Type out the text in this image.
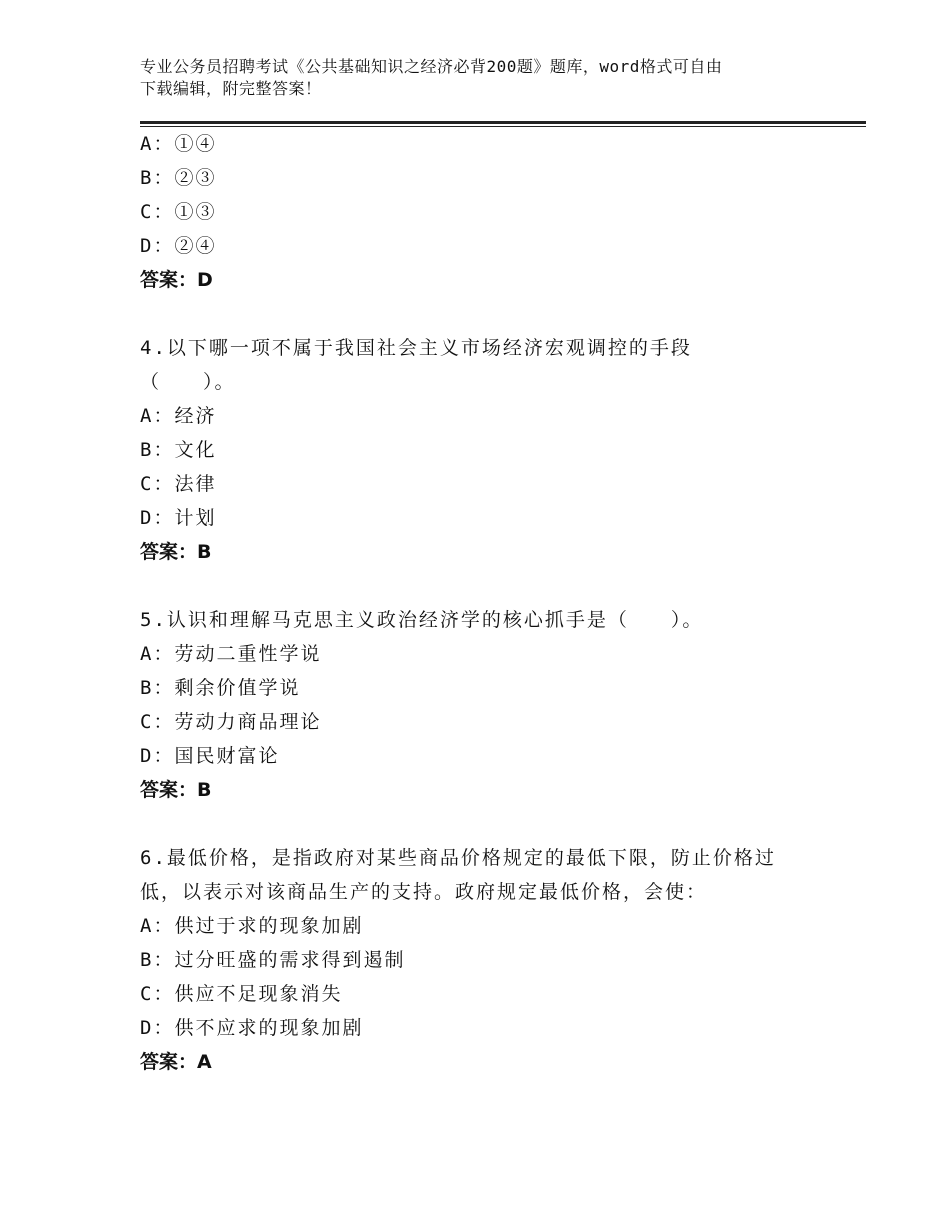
专业公务员招聘考试《公共基础知识之经济必背200题》题库，word格式可自由
下载编辑，附完整答案！
A：①④
B：②③
C：①③
D：②④
答案：D
4.以下哪一项不属于我国社会主义市场经济宏观调控的手段
（　　）。
A：经济
B：文化
C：法律
D：计划
答案：B
5.认识和理解马克思主义政治经济学的核心抓手是（　　）。
A：劳动二重性学说
B：剩余价值学说
C：劳动力商品理论
D：国民财富论
答案：B
6.最低价格，是指政府对某些商品价格规定的最低下限，防止价格过
低，以表示对该商品生产的支持。政府规定最低价格，会使：
A：供过于求的现象加剧
B：过分旺盛的需求得到遏制
C：供应不足现象消失
D：供不应求的现象加剧
答案：A
